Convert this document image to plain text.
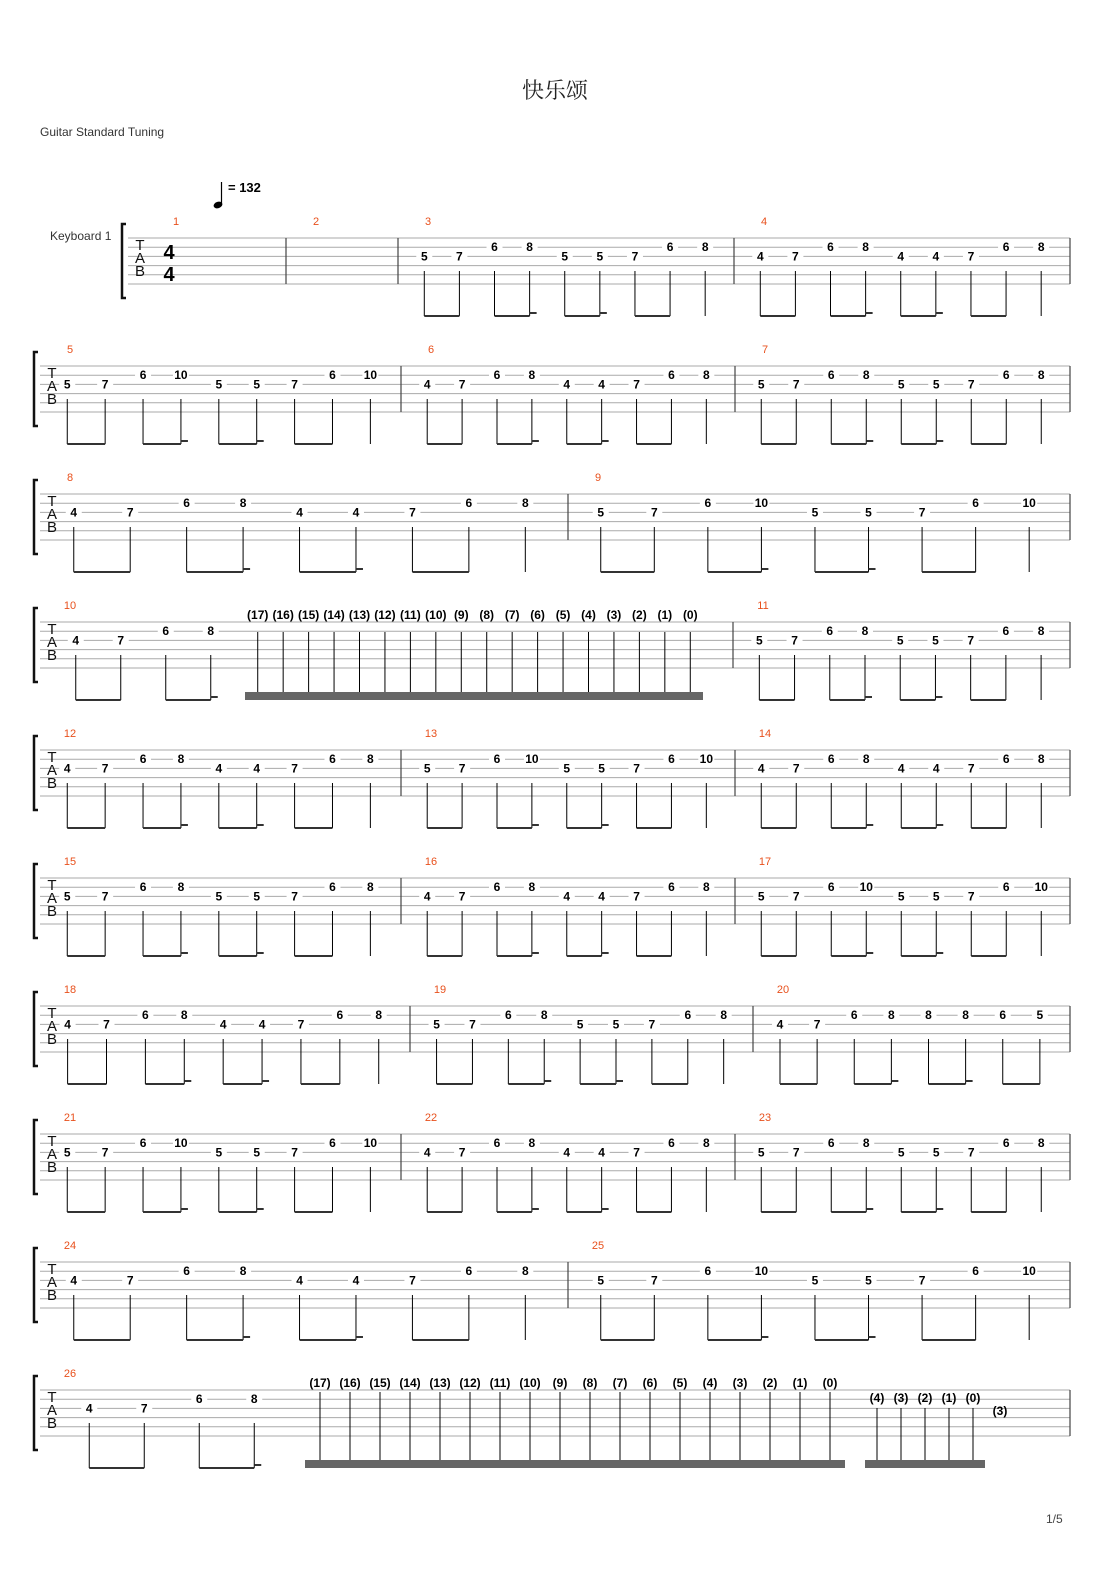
快乐颂
Guitar Standard Tuning
= 132
Keyboard 1
T
A
B
4
4
1	2	3
5 7
6 8
5 5 7
6 8
4
4 7
6 8
4 4 7
6 8
T
A
B
5
5	7
6 10
5	5	7
6 10
6
4 7
6 8
4 4 7
6 8
7
5 7
6 8
5 5 7
6 8
T
A
B
8
4	7
6	8
4	4	7
6	8
9
5	7
6	10
5	5	7
6	10
T
A
B
10
4	7
6	8
(17) (16) (15) (14) (13) (12) (11) (10) (9) (8) (7) (6) (5) (4) (3) (2) (1) (0)
11
5 7
6 8
5 5 7
6 8
T
A
B
12
4	7
6	8
4	4	7
6	8
13
5 7
6 10
5 5 7
6 10
14
4 7
6 8
4 4 7
6 8
T
A
B
15
5	7
6	8
5	5	7
6	8
16
4 7
6 8
4 4 7
6 8
17
5 7
6 10
5 5 7
6 10
T
A
B
18
4	7
6	8
4	4	7
6	8
19
5 7
6 8
5 5 7
6 8
20
4	7
6	8	8	8	6	5
T
A
B
21
5	7
6 10
5	5	7
6 10
22
4 7
6 8
4 4 7
6 8
23
5 7
6 8
5 5 7
6 8
T
A
B
24
4	7
6	8
4	4	7
6	8
25
5	7
6	10
5	5	7
6	10
T
A
B
26
4	7
6	8
(17) (16) (15) (14) (13) (12) (11) (10) (9) (8) (7) (6) (5) (4) (3) (2) (1) (0)
(4) (3) (2) (1) (0)
(3)
1/5
